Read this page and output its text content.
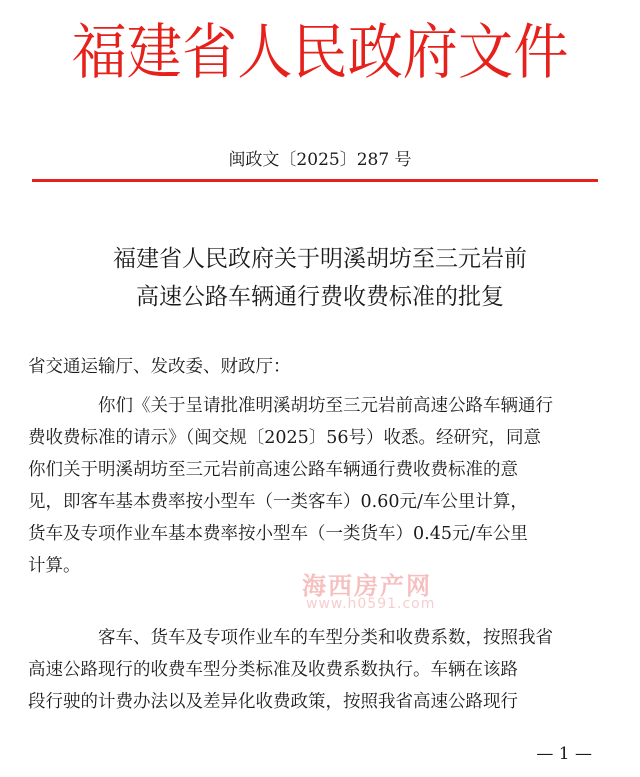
福建省人民政府文件
闽政文〔2025〕287 号
福建省人民政府关于明溪胡坊至三元岩前
高速公路车辆通行费收费标准的批复
省交通运输厅、发改委、财政厅：
你们《关于呈请批准明溪胡坊至三元岩前高速公路车辆通行
费收费标准的请示》（闽交规〔2025〕56号）收悉。经研究，同意
你们关于明溪胡坊至三元岩前高速公路车辆通行费收费标准的意
见，即客车基本费率按小型车（一类客车）0.60元/车公里计算，
货车及专项作业车基本费率按小型车（一类货车）0.45元/车公里
计算。
客车、货车及专项作业车的车型分类和收费系数，按照我省
高速公路现行的收费车型分类标准及收费系数执行。车辆在该路
段行驶的计费办法以及差异化收费政策，按照我省高速公路现行
海西房产网
www.h0591.com
— 1 —
